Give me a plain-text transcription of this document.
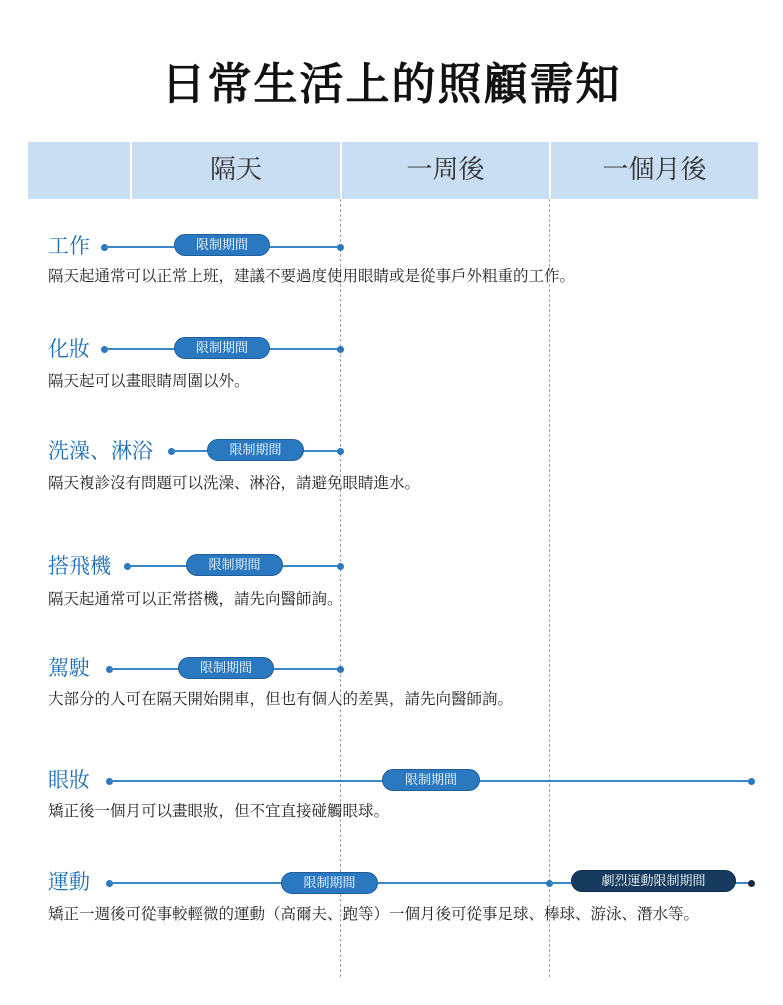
日常生活上的照顧需知
隔天	一周後	一個月後
工作	限制期間
隔天起通常可以正常上班，建議不要過度使用眼睛或是從事戶外粗重的工作。
化妝	限制期間
隔天起可以畫眼睛周圍以外。
洗澡、淋浴	限制期間
隔天複診沒有問題可以洗澡、淋浴，請避免眼睛進水。
搭飛機	限制期間
隔天起通常可以正常搭機，請先向醫師詢。
駕駛	限制期間
大部分的人可在隔天開始開車，但也有個人的差異，請先向醫師詢。
眼妝	限制期間
矯正後一個月可以畫眼妝，但不宜直接碰觸眼球。
運動	限制期間	劇烈運動限制期間
矯正一週後可從事較輕微的運動（高爾夫、跑等）一個月後可從事足球、棒球、游泳、潛水等。
